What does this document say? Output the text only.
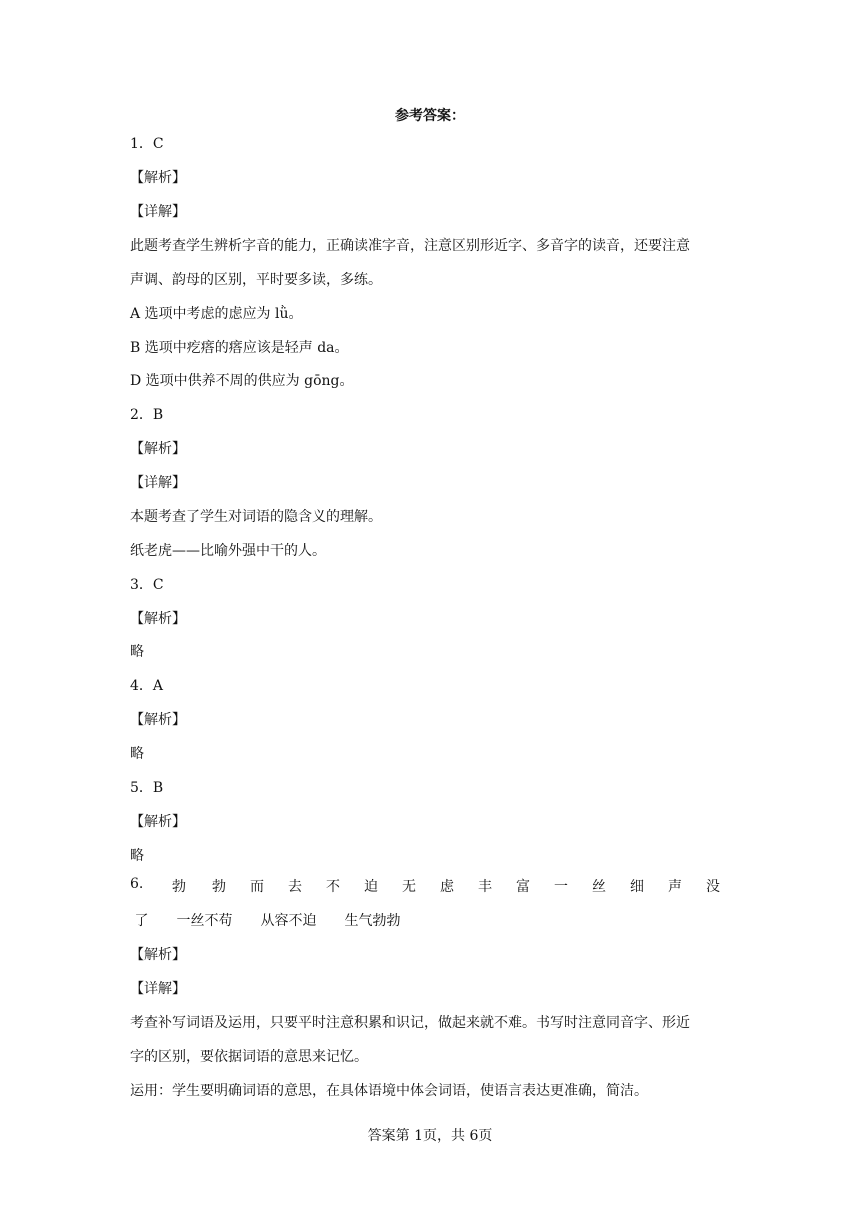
参考答案：
1．C
【解析】
【详解】
此题考查学生辨析字音的能力，正确读准字音，注意区别形近字、多音字的读音，还要注意
声调、韵母的区别，平时要多读，多练。
A 选项中考虑的虑应为 lǜ。
B 选项中疙瘩的瘩应该是轻声 da。
D 选项中供养不周的供应为 gōng。
2．B
【解析】
【详解】
本题考查了学生对词语的隐含义的理解。
纸老虎——比喻外强中干的人。
3．C
【解析】
略
4．A
【解析】
略
5．B
【解析】
略
6. 勃 勃 而 去 不 迫 无 虑 丰 富 一 丝 细 声 没
了　　一丝不苟　　从容不迫　　生气勃勃
【解析】
【详解】
考查补写词语及运用，只要平时注意积累和识记，做起来就不难。书写时注意同音字、形近
字的区别，要依据词语的意思来记忆。
运用：学生要明确词语的意思，在具体语境中体会词语，使语言表达更准确，简洁。
答案第 1页，共 6页
